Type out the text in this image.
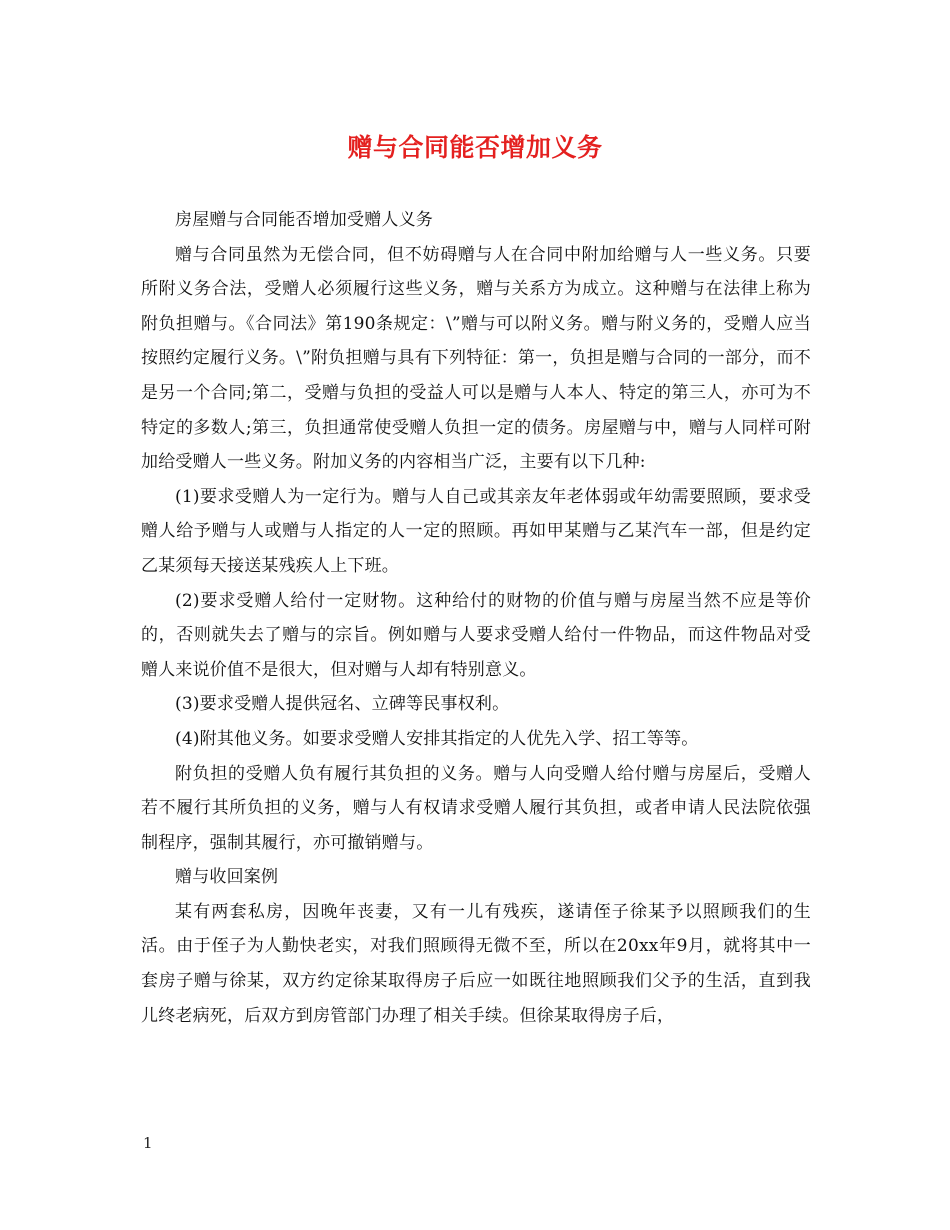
赠与合同能否增加义务

房屋赠与合同能否增加受赠人义务

赠与合同虽然为无偿合同，但不妨碍赠与人在合同中附加给赠与人一些义务。只要所附义务合法，受赠人必须履行这些义务，赠与关系方为成立。这种赠与在法律上称为附负担赠与。《合同法》第190条规定：\”赠与可以附义务。赠与附义务的，受赠人应当按照约定履行义务。\”附负担赠与具有下列特征：第一，负担是赠与合同的一部分，而不是另一个合同;第二，受赠与负担的受益人可以是赠与人本人、特定的第三人，亦可为不特定的多数人;第三，负担通常使受赠人负担一定的债务。房屋赠与中，赠与人同样可附加给受赠人一些义务。附加义务的内容相当广泛，主要有以下几种:

(1)要求受赠人为一定行为。赠与人自己或其亲友年老体弱或年幼需要照顾，要求受赠人给予赠与人或赠与人指定的人一定的照顾。再如甲某赠与乙某汽车一部，但是约定乙某须每天接送某残疾人上下班。

(2)要求受赠人给付一定财物。这种给付的财物的价值与赠与房屋当然不应是等价的，否则就失去了赠与的宗旨。例如赠与人要求受赠人给付一件物品，而这件物品对受赠人来说价值不是很大，但对赠与人却有特别意义。

(3)要求受赠人提供冠名、立碑等民事权利。

(4)附其他义务。如要求受赠人安排其指定的人优先入学、招工等等。

附负担的受赠人负有履行其负担的义务。赠与人向受赠人给付赠与房屋后，受赠人若不履行其所负担的义务，赠与人有权请求受赠人履行其负担，或者申请人民法院依强制程序，强制其履行，亦可撤销赠与。

赠与收回案例

某有两套私房，因晚年丧妻，又有一儿有残疾，遂请侄子徐某予以照顾我们的生活。由于侄子为人勤快老实，对我们照顾得无微不至，所以在20xx年9月，就将其中一套房子赠与徐某，双方约定徐某取得房子后应一如既往地照顾我们父予的生活，直到我儿终老病死，后双方到房管部门办理了相关手续。但徐某取得房子后，

1
